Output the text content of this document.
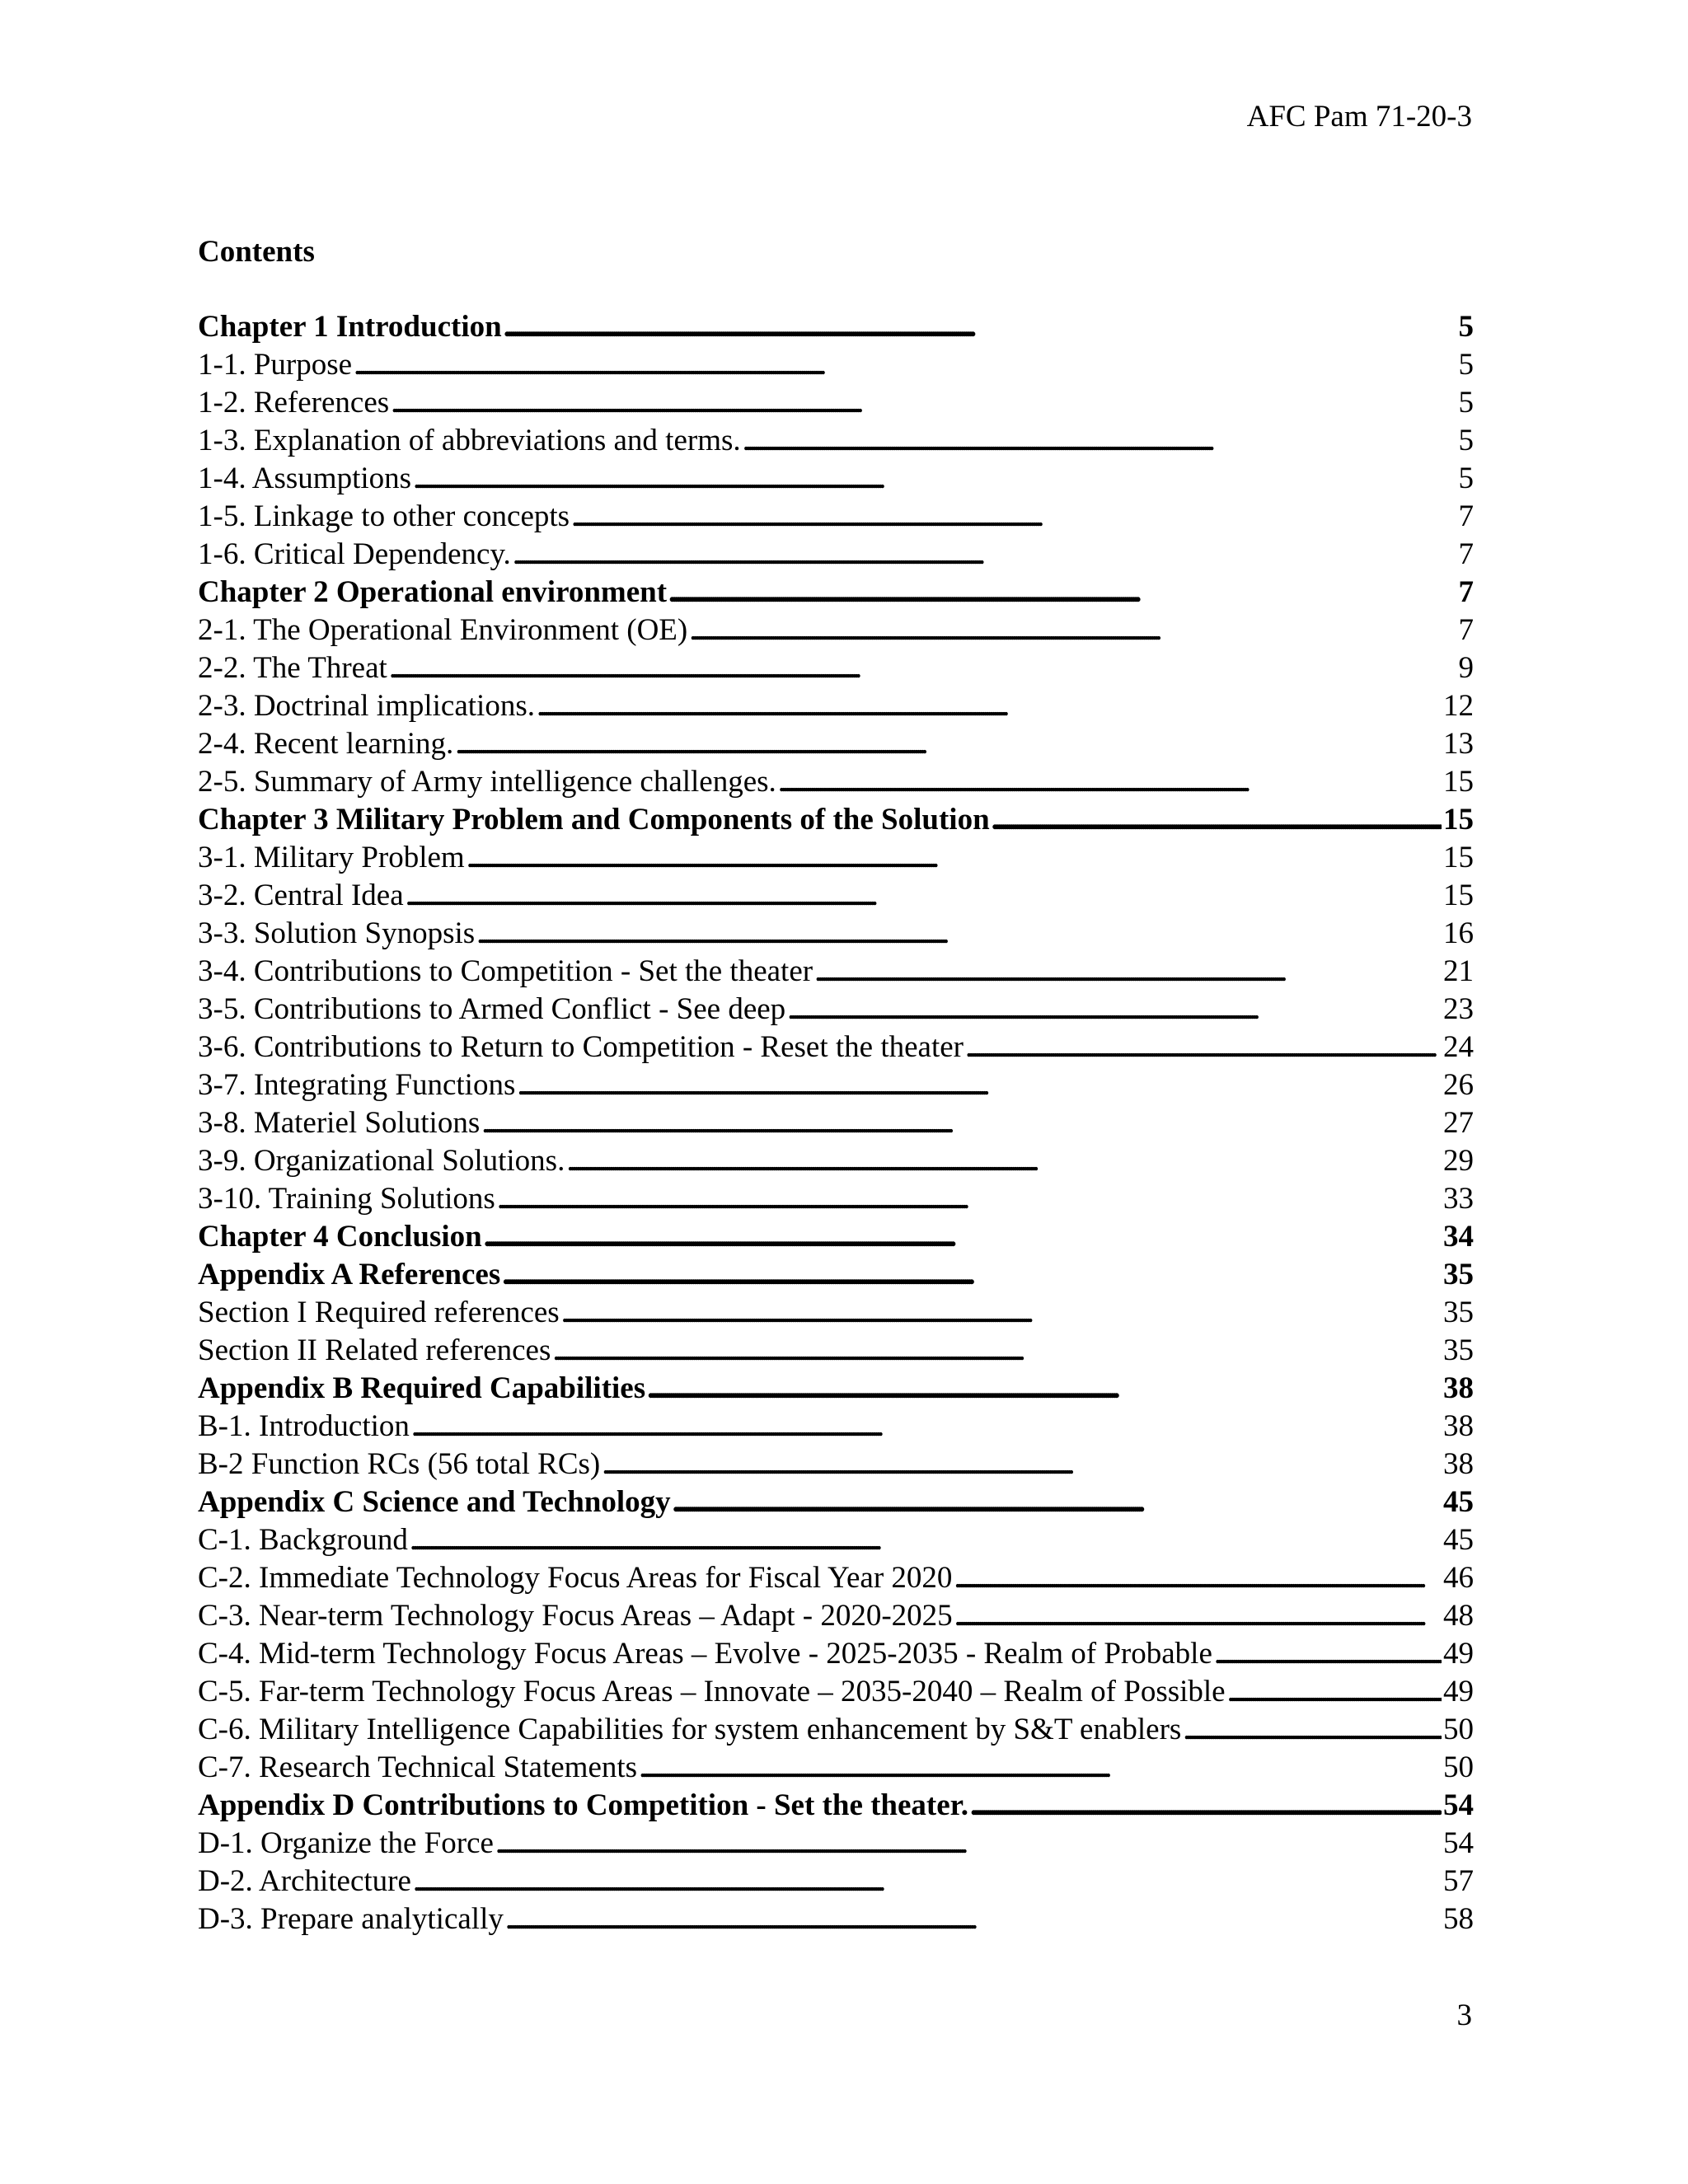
AFC Pam 71-20-3
Contents
Chapter 1 Introduction . . .	5
1-1. Purpose . . .	5
1-2. References . . .	5
1-3. Explanation of abbreviations and terms. . . .	5
1-4. Assumptions . . .	5
1-5. Linkage to other concepts . . .	7
1-6. Critical Dependency. . . .	7
Chapter 2 Operational environment . . .	7
2-1. The Operational Environment (OE) . . .	7
2-2. The Threat . . .	9
2-3. Doctrinal implications. . . .	12
2-4. Recent learning. . . .	13
2-5. Summary of Army intelligence challenges. . . .	15
Chapter 3 Military Problem and Components of the Solution . . .	15
3-1. Military Problem . . .	15
3-2. Central Idea . . .	15
3-3. Solution Synopsis . . .	16
3-4. Contributions to Competition - Set the theater . . .	21
3-5. Contributions to Armed Conflict - See deep . . .	23
3-6. Contributions to Return to Competition - Reset the theater . . .	24
3-7. Integrating Functions . . .	26
3-8. Materiel Solutions . . .	27
3-9. Organizational Solutions. . . .	29
3-10. Training Solutions . . .	33
Chapter 4 Conclusion . . .	34
Appendix A References . . .	35
Section I Required references . . .	35
Section II Related references . . .	35
Appendix B Required Capabilities . . .	38
B-1. Introduction . . .	38
B-2 Function RCs (56 total RCs) . . .	38
Appendix C Science and Technology . . .	45
C-1. Background . . .	45
C-2. Immediate Technology Focus Areas for Fiscal Year 2020 . . .	46
C-3. Near-term Technology Focus Areas – Adapt - 2020-2025 . . .	48
C-4. Mid-term Technology Focus Areas – Evolve - 2025-2035 - Realm of Probable . . .	49
C-5. Far-term Technology Focus Areas – Innovate – 2035-2040 – Realm of Possible . . .	49
C-6. Military Intelligence Capabilities for system enhancement by S&T enablers . . .	50
C-7. Research Technical Statements . . .	50
Appendix D Contributions to Competition - Set the theater. . . .	54
D-1. Organize the Force . . .	54
D-2. Architecture . . .	57
D-3. Prepare analytically . . .	58
3
